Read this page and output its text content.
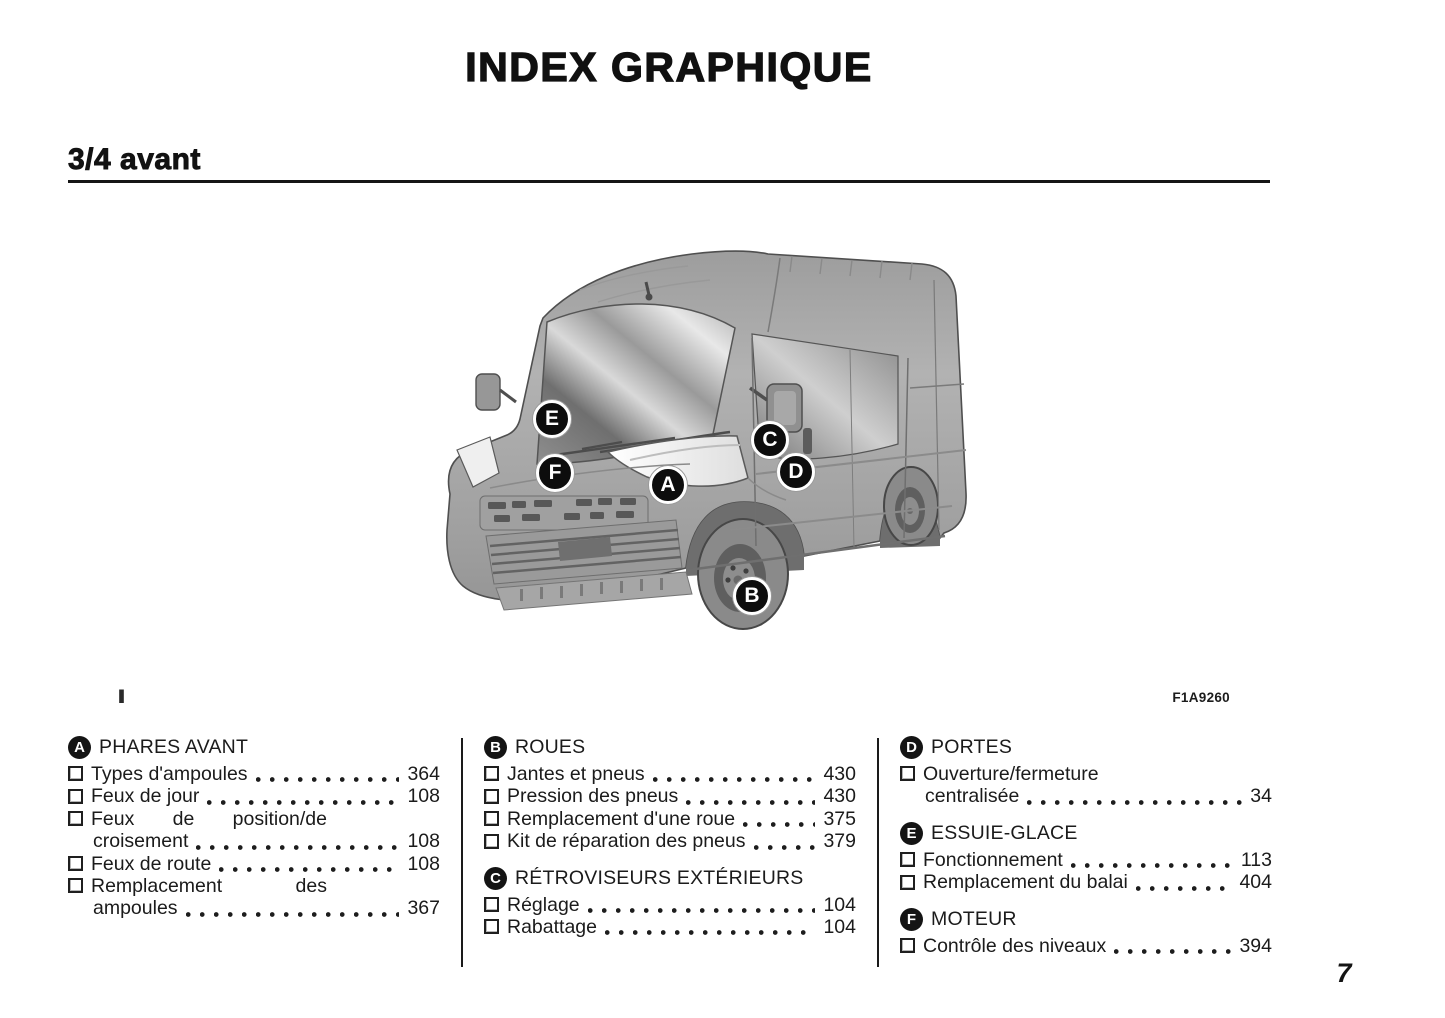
INDEX GRAPHIQUE
3/4 avant
E
F
A
C
D
B
I	F1A9260
A PHARES AVANT
Types d'ampoules	364
Feux de jour	108
Feux de position/de
croisement	108
Feux de route	108
Remplacement des
ampoules	367
B ROUES
Jantes et pneus	430
Pression des pneus	430
Remplacement d'une roue	375
Kit de réparation des pneus	379
C RÉTROVISEURS EXTÉRIEURS
Réglage	104
Rabattage	104
D PORTES
Ouverture/fermeture
centralisée	34
E ESSUIE-GLACE
Fonctionnement	113
Remplacement du balai	404
F MOTEUR
Contrôle des niveaux	394
7
